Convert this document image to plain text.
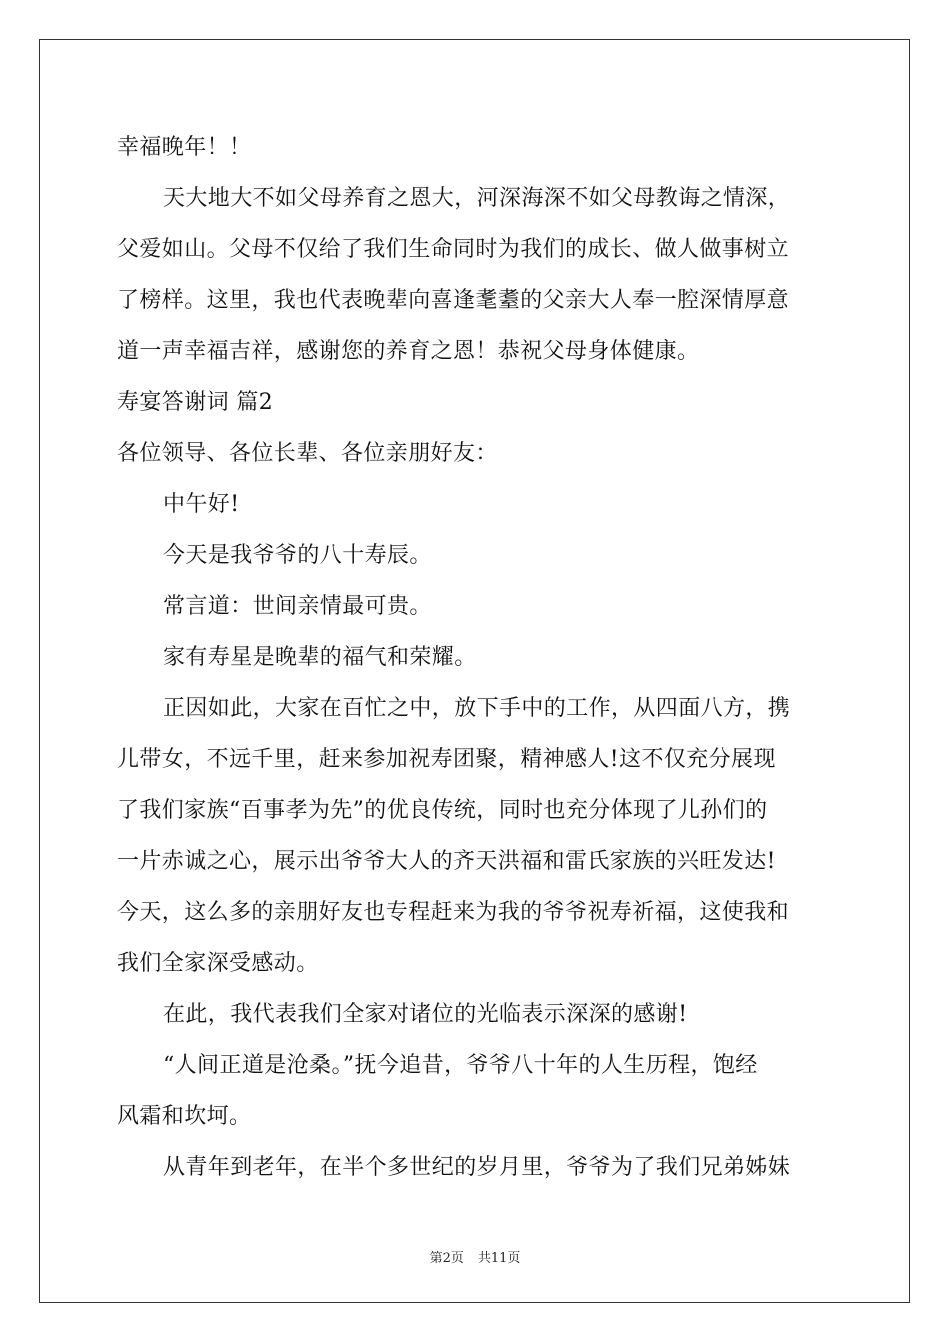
幸福晚年！！
天大地大不如父母养育之恩大，河深海深不如父母教诲之情深，
父爱如山。父母不仅给了我们生命同时为我们的成长、做人做事树立
了榜样。这里，我也代表晚辈向喜逢耄耋的父亲大人奉一腔深情厚意
道一声幸福吉祥，感谢您的养育之恩！恭祝父母身体健康。
寿宴答谢词 篇2
各位领导、各位长辈、各位亲朋好友：
中午好!
今天是我爷爷的八十寿辰。
常言道：世间亲情最可贵。
家有寿星是晚辈的福气和荣耀。
正因如此，大家在百忙之中，放下手中的工作，从四面八方，携
儿带女，不远千里，赶来参加祝寿团聚，精神感人!这不仅充分展现
了我们家族“百事孝为先”的优良传统，同时也充分体现了儿孙们的
一片赤诚之心，展示出爷爷大人的齐天洪福和雷氏家族的兴旺发达!
今天，这么多的亲朋好友也专程赶来为我的爷爷祝寿祈福，这使我和
我们全家深受感动。
在此，我代表我们全家对诸位的光临表示深深的感谢!
“人间正道是沧桑。”抚今追昔，爷爷八十年的人生历程，饱经
风霜和坎坷。
从青年到老年，在半个多世纪的岁月里，爷爷为了我们兄弟姊妹
第2页 共11页
